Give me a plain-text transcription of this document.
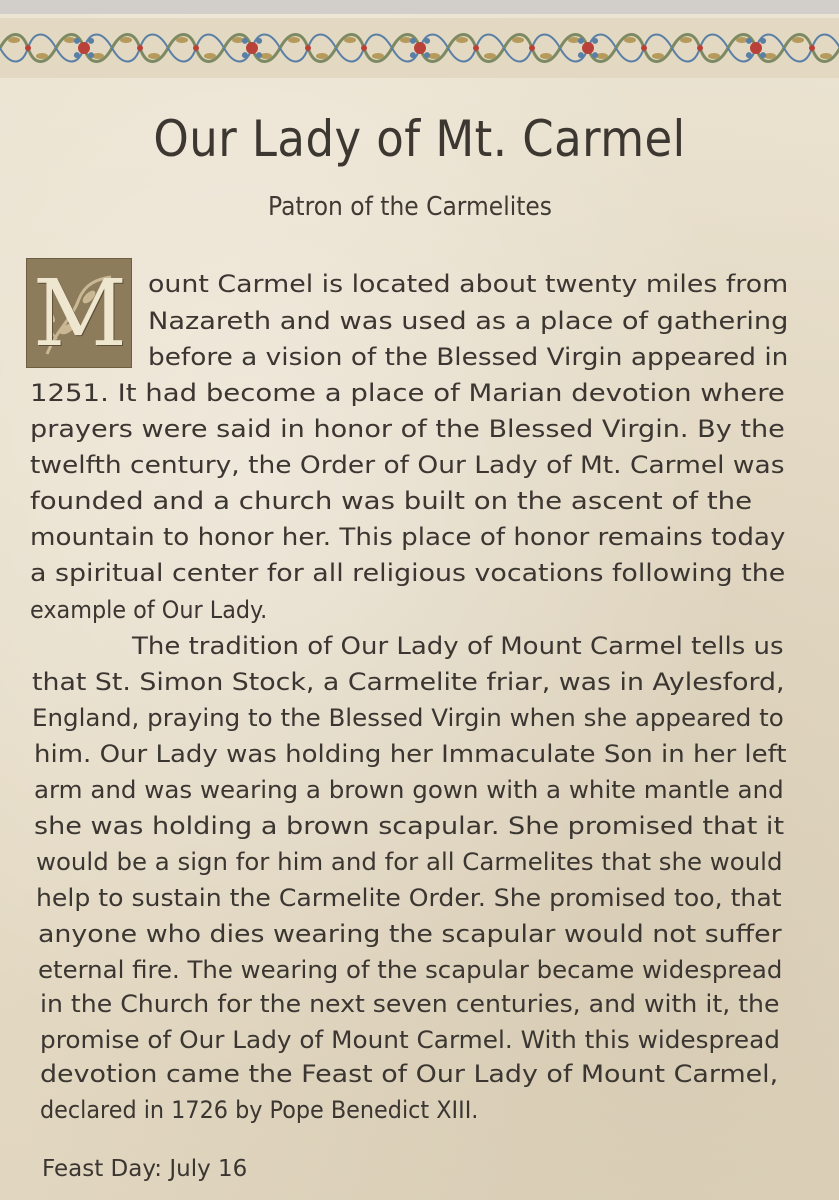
Our Lady of Mt. Carmel
Patron of the Carmelites
M ount Carmel is located about twenty miles from
Nazareth and was used as a place of gathering
before a vision of the Blessed Virgin appeared in
1251. It had become a place of Marian devotion where
prayers were said in honor of the Blessed Virgin. By the
twelfth century, the Order of Our Lady of Mt. Carmel was
founded and a church was built on the ascent of the
mountain to honor her. This place of honor remains today
a spiritual center for all religious vocations following the
example of Our Lady.
The tradition of Our Lady of Mount Carmel tells us
that St. Simon Stock, a Carmelite friar, was in Aylesford,
England, praying to the Blessed Virgin when she appeared to
him. Our Lady was holding her Immaculate Son in her left
arm and was wearing a brown gown with a white mantle and
she was holding a brown scapular. She promised that it
would be a sign for him and for all Carmelites that she would
help to sustain the Carmelite Order. She promised too, that
anyone who dies wearing the scapular would not suffer
eternal fire. The wearing of the scapular became widespread
in the Church for the next seven centuries, and with it, the
promise of Our Lady of Mount Carmel. With this widespread
devotion came the Feast of Our Lady of Mount Carmel,
declared in 1726 by Pope Benedict XIII.
Feast Day: July 16
